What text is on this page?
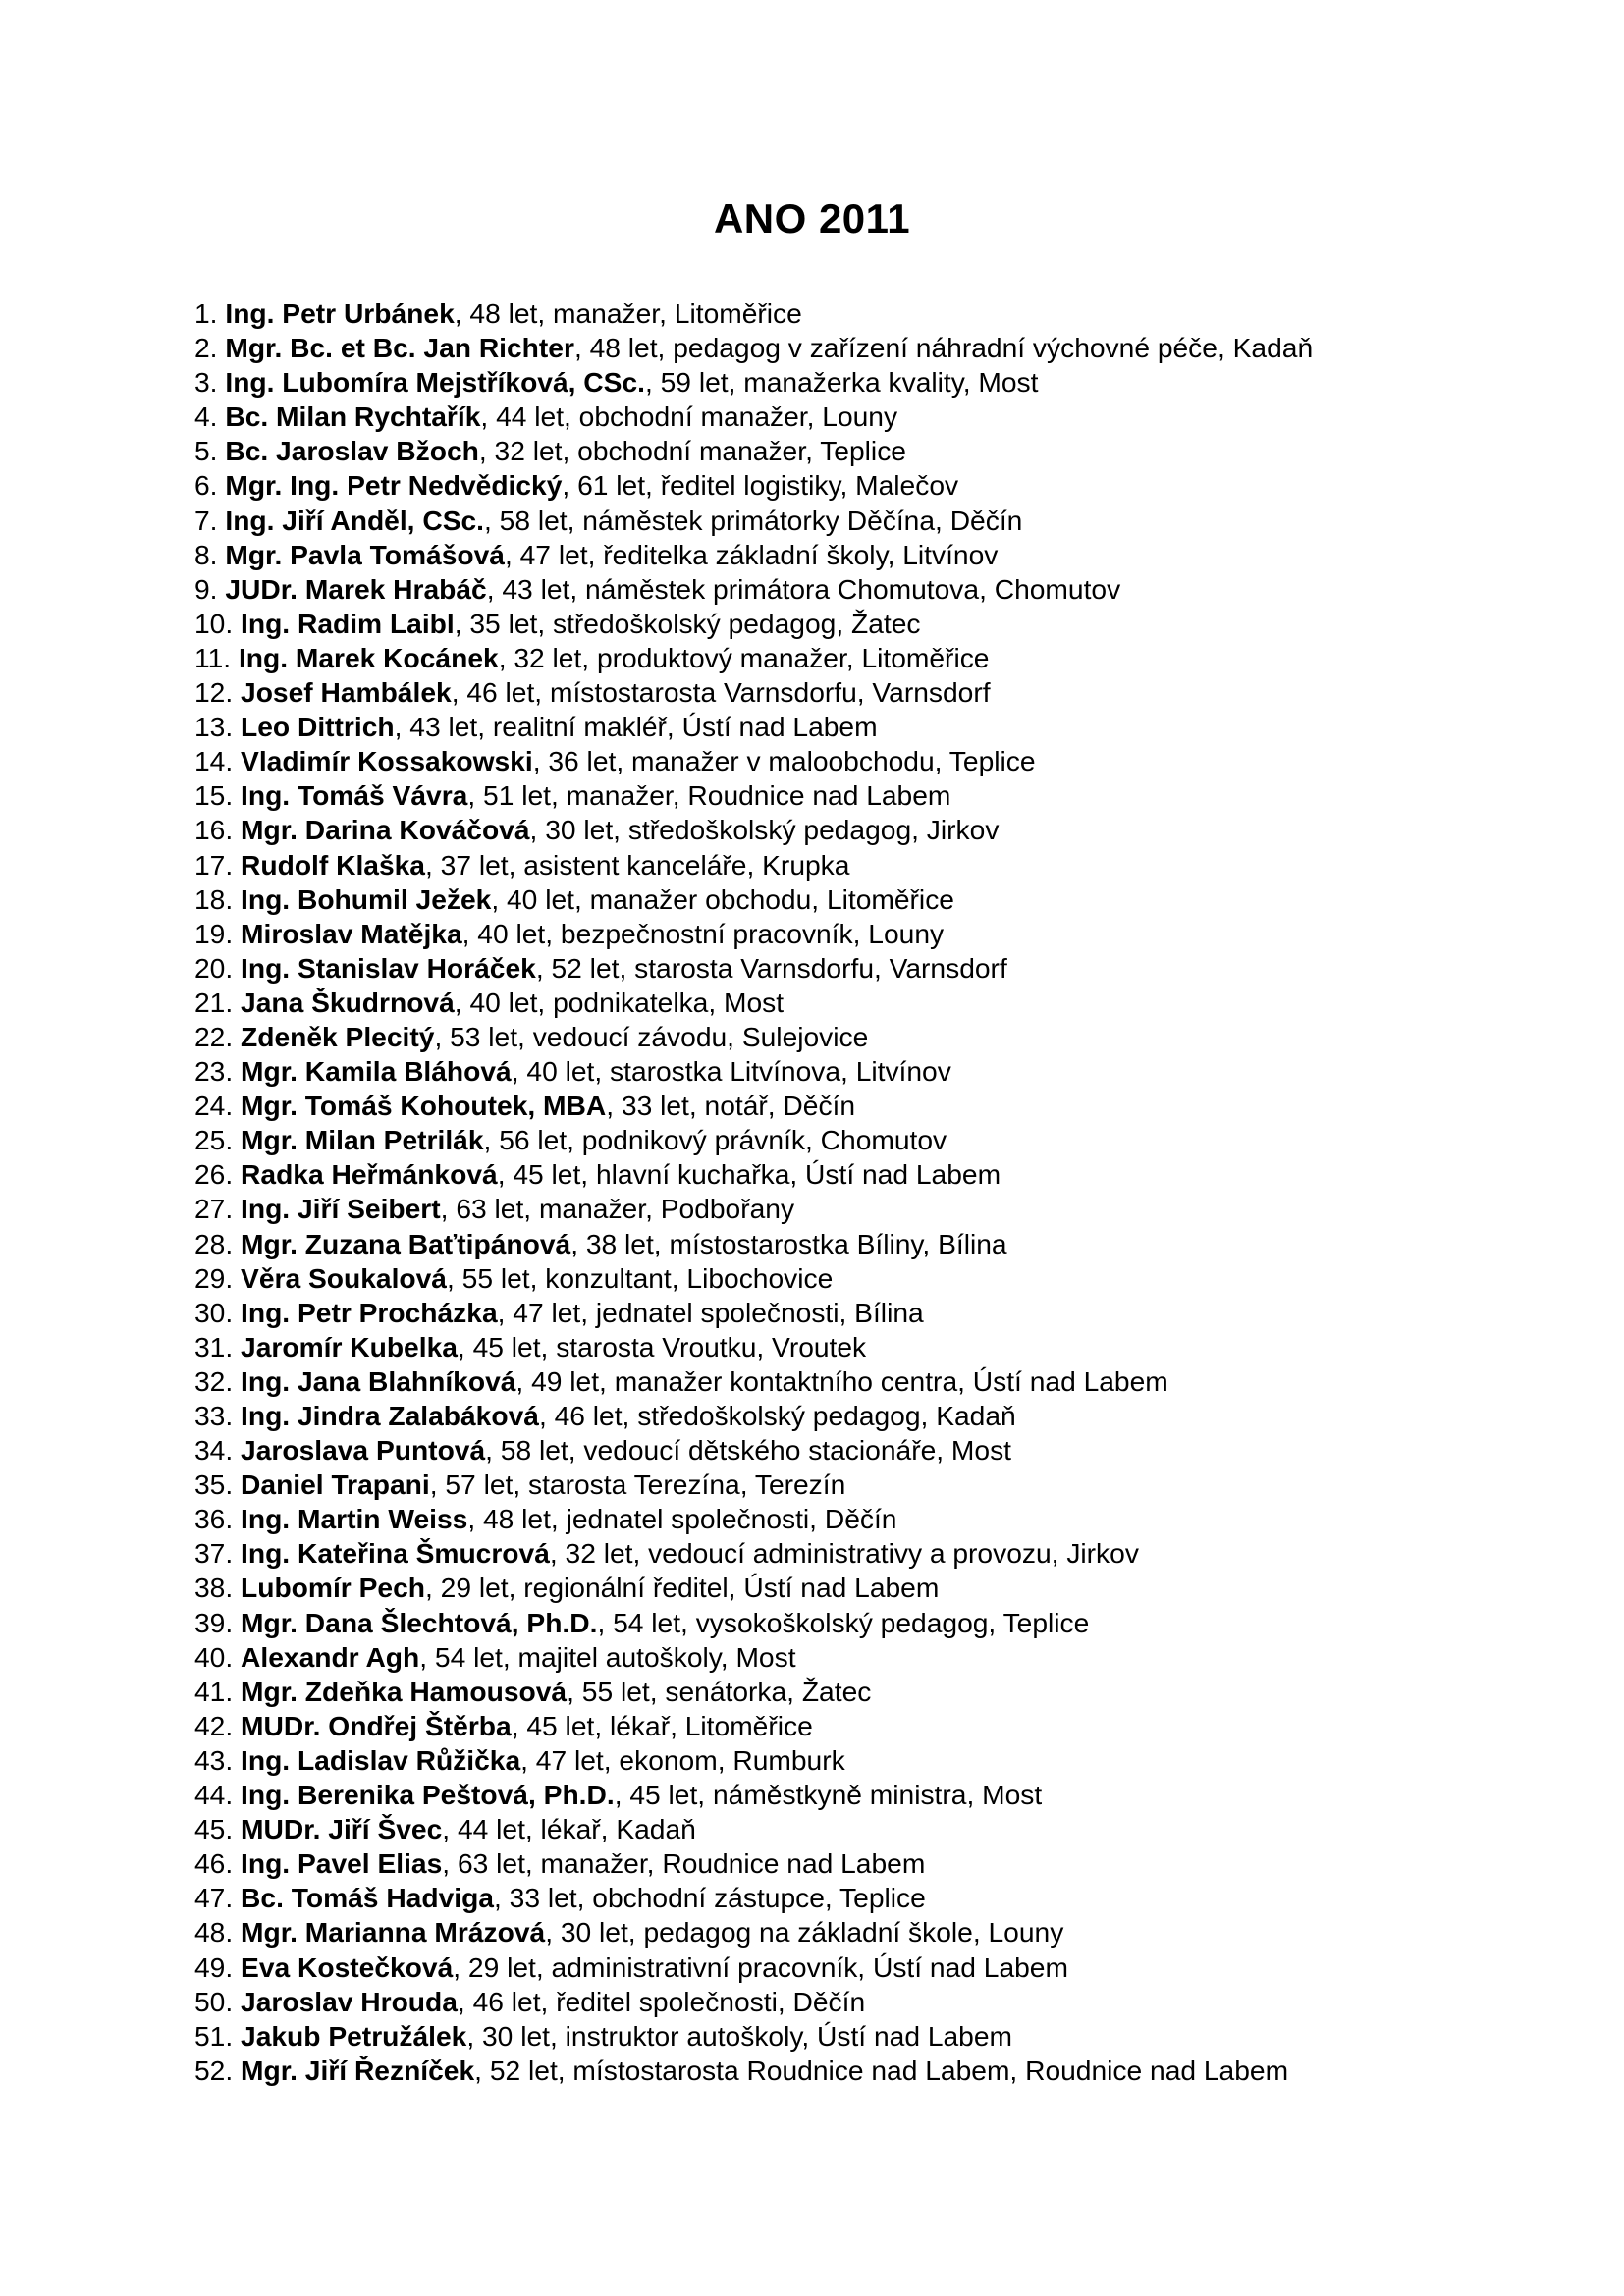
ANO 2011
1. Ing. Petr Urbánek, 48 let, manažer, Litoměřice
2. Mgr. Bc. et Bc. Jan Richter, 48 let, pedagog v zařízení náhradní výchovné péče, Kadaň
3. Ing. Lubomíra Mejstříková, CSc., 59 let, manažerka kvality, Most
4. Bc. Milan Rychtařík, 44 let, obchodní manažer, Louny
5. Bc. Jaroslav Bžoch, 32 let, obchodní manažer, Teplice
6. Mgr. Ing. Petr Nedvědický, 61 let, ředitel logistiky, Malečov
7. Ing. Jiří Anděl, CSc., 58 let, náměstek primátorky Děčína, Děčín
8. Mgr. Pavla Tomášová, 47 let, ředitelka základní školy, Litvínov
9. JUDr. Marek Hrabáč, 43 let, náměstek primátora Chomutova, Chomutov
10. Ing. Radim Laibl, 35 let, středoškolský pedagog, Žatec
11. Ing. Marek Kocánek, 32 let, produktový manažer, Litoměřice
12. Josef Hambálek, 46 let, místostarosta Varnsdorfu, Varnsdorf
13. Leo Dittrich, 43 let, realitní makléř, Ústí nad Labem
14. Vladimír Kossakowski, 36 let, manažer v maloobchodu, Teplice
15. Ing. Tomáš Vávra, 51 let, manažer, Roudnice nad Labem
16. Mgr. Darina Kováčová, 30 let, středoškolský pedagog, Jirkov
17. Rudolf Klaška, 37 let, asistent kanceláře, Krupka
18. Ing. Bohumil Ježek, 40 let, manažer obchodu, Litoměřice
19. Miroslav Matějka, 40 let, bezpečnostní pracovník, Louny
20. Ing. Stanislav Horáček, 52 let, starosta Varnsdorfu, Varnsdorf
21. Jana Škudrnová, 40 let, podnikatelka, Most
22. Zdeněk Plecitý, 53 let, vedoucí závodu, Sulejovice
23. Mgr. Kamila Bláhová, 40 let, starostka Litvínova, Litvínov
24. Mgr. Tomáš Kohoutek, MBA, 33 let, notář, Děčín
25. Mgr. Milan Petrilák, 56 let, podnikový právník, Chomutov
26. Radka Heřmánková, 45 let, hlavní kuchařka, Ústí nad Labem
27. Ing. Jiří Seibert, 63 let, manažer, Podbořany
28. Mgr. Zuzana Baťtipánová, 38 let, místostarostka Bíliny, Bílina
29. Věra Soukalová, 55 let, konzultant, Libochovice
30. Ing. Petr Procházka, 47 let, jednatel společnosti, Bílina
31. Jaromír Kubelka, 45 let, starosta Vroutku, Vroutek
32. Ing. Jana Blahníková, 49 let, manažer kontaktního centra, Ústí nad Labem
33. Ing. Jindra Zalabáková, 46 let, středoškolský pedagog, Kadaň
34. Jaroslava Puntová, 58 let, vedoucí dětského stacionáře, Most
35. Daniel Trapani, 57 let, starosta Terezína, Terezín
36. Ing. Martin Weiss, 48 let, jednatel společnosti, Děčín
37. Ing. Kateřina Šmucrová, 32 let, vedoucí administrativy a provozu, Jirkov
38. Lubomír Pech, 29 let, regionální ředitel, Ústí nad Labem
39. Mgr. Dana Šlechtová, Ph.D., 54 let, vysokoškolský pedagog, Teplice
40. Alexandr Agh, 54 let, majitel autoškoly, Most
41. Mgr. Zdeňka Hamousová, 55 let, senátorka, Žatec
42. MUDr. Ondřej Štěrba, 45 let, lékař, Litoměřice
43. Ing. Ladislav Růžička, 47 let, ekonom, Rumburk
44. Ing. Berenika Peštová, Ph.D., 45 let, náměstkyně ministra, Most
45. MUDr. Jiří Švec, 44 let, lékař, Kadaň
46. Ing. Pavel Elias, 63 let, manažer, Roudnice nad Labem
47. Bc. Tomáš Hadviga, 33 let, obchodní zástupce, Teplice
48. Mgr. Marianna Mrázová, 30 let, pedagog na základní škole, Louny
49. Eva Kostečková, 29 let, administrativní pracovník, Ústí nad Labem
50. Jaroslav Hrouda, 46 let, ředitel společnosti, Děčín
51. Jakub Petružálek, 30 let, instruktor autoškoly, Ústí nad Labem
52. Mgr. Jiří Řezníček, 52 let, místostarosta Roudnice nad Labem, Roudnice nad Labem
